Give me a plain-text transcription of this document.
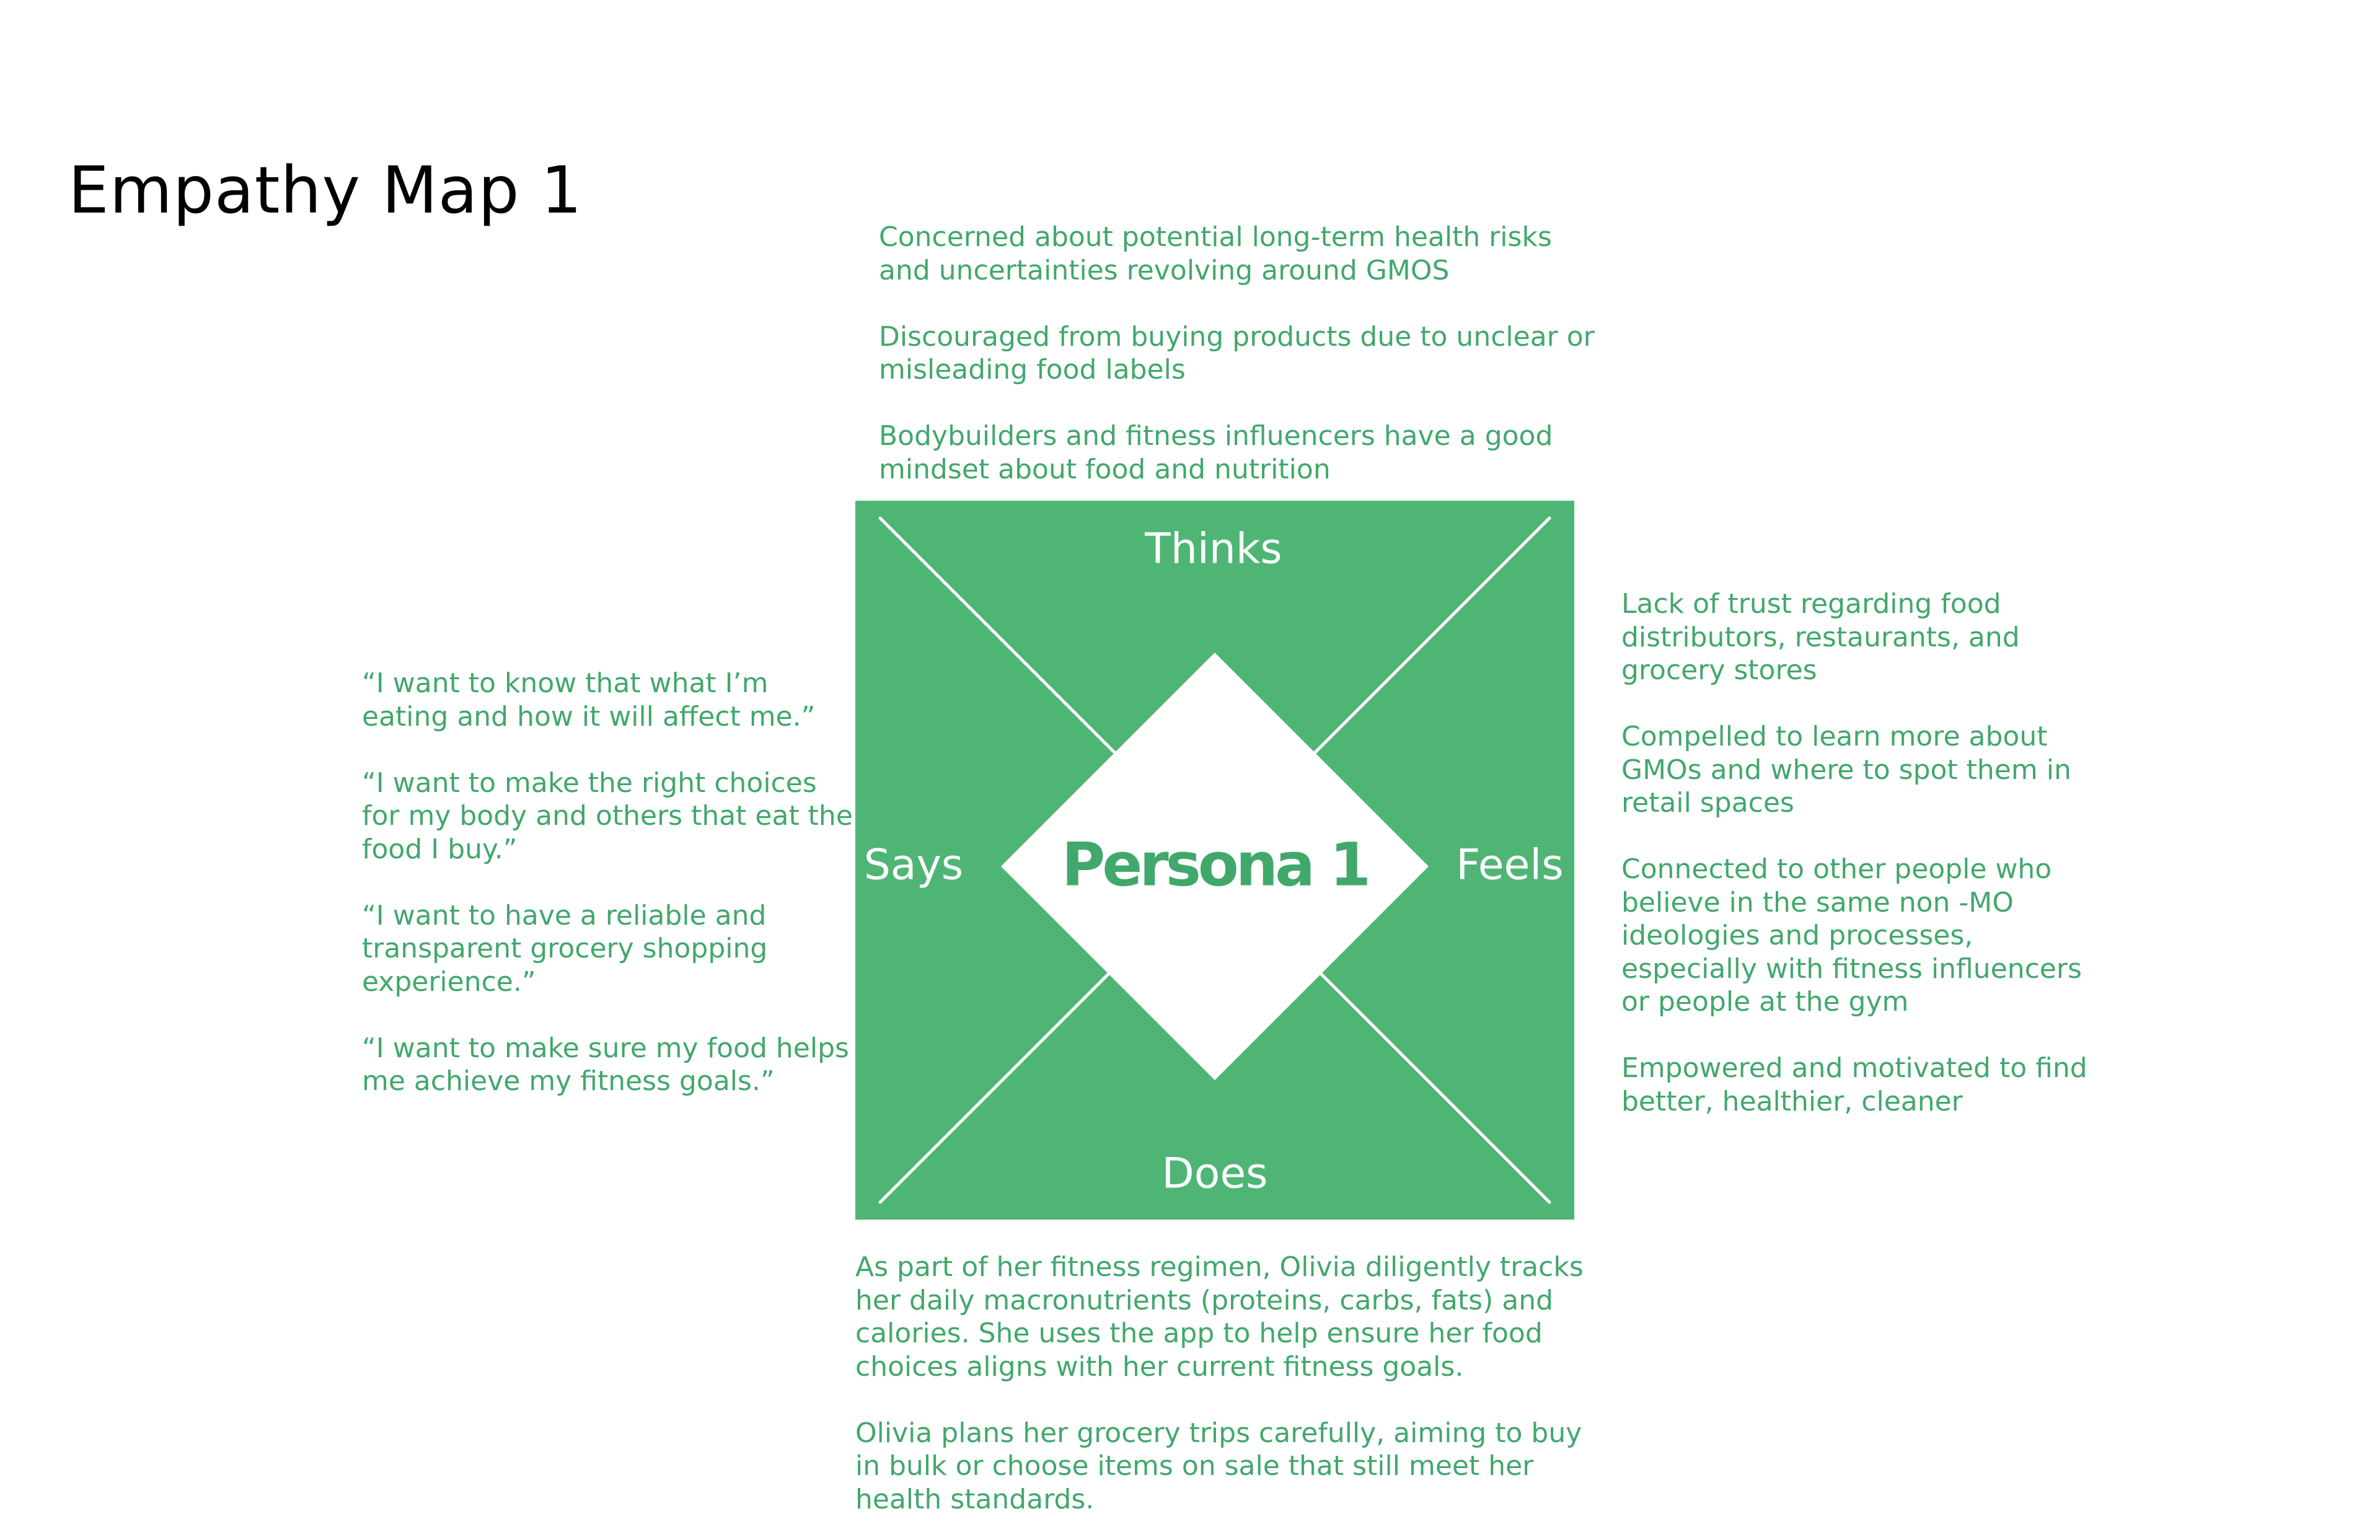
Empathy Map 1

Concerned about potential long-term health risks and uncertainties revolving around GMOS

Discouraged from buying products due to unclear or misleading food labels

Bodybuilders and fitness influencers have a good mindset about food and nutrition

“I want to know that what I’m eating and how it will affect me.”

“I want to make the right choices for my body and others that eat the food I buy.”

“I want to have a reliable and transparent grocery shopping experience.”

“I want to make sure my food helps me achieve my fitness goals.”

Lack of trust regarding food distributors, restaurants, and grocery stores

Compelled to learn more about GMOs and where to spot them in retail spaces

Connected to other people who believe in the same non -MO ideologies and processes, especially with fitness influencers or people at the gym

Empowered and motivated to find better, healthier, cleaner

As part of her fitness regimen, Olivia diligently tracks her daily macronutrients (proteins, carbs, fats) and calories. She uses the app to help ensure her food choices aligns with her current fitness goals.

Olivia plans her grocery trips carefully, aiming to buy in bulk or choose items on sale that still meet her health standards.

Thinks
Says	Feels
Does
Persona 1
